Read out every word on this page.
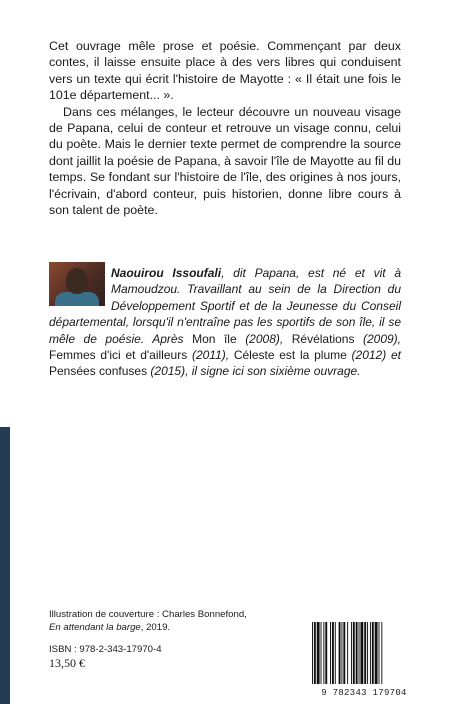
Cet ouvrage mêle prose et poésie. Commençant par deux contes, il laisse ensuite place à des vers libres qui conduisent vers un texte qui écrit l'histoire de Mayotte : « Il était une fois le 101e département... ».

Dans ces mélanges, le lecteur découvre un nouveau visage de Papana, celui de conteur et retrouve un visage connu, celui du poète. Mais le dernier texte permet de comprendre la source dont jaillit la poésie de Papana, à savoir l'île de Mayotte au fil du temps. Se fondant sur l'histoire de l'île, des origines à nos jours, l'écrivain, d'abord conteur, puis historien, donne libre cours à son talent de poète.

Naouirou Issoufali, dit Papana, est né et vit à Mamoudzou. Travaillant au sein de la Direction du Développement Sportif et de la Jeunesse du Conseil départemental, lorsqu'il n'entraîne pas les sportifs de son île, il se mêle de poésie. Après Mon île (2008), Révélations (2009), Femmes d'ici et d'ailleurs (2011), Céleste est la plume (2012) et Pensées confuses (2015), il signe ici son sixième ouvrage.

Illustration de couverture : Charles Bonnefond,
En attendant la barge, 2019.
ISBN : 978-2-343-17970-4
13,50 €
9 782343 179704
